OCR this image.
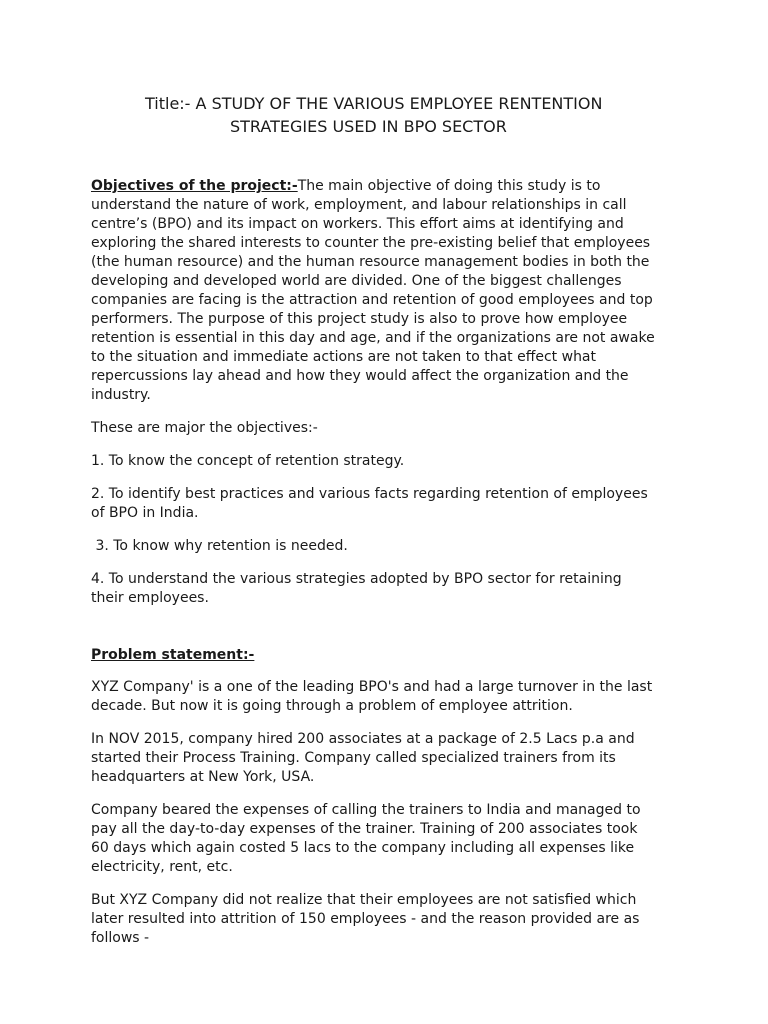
Title:- A STUDY OF THE VARIOUS EMPLOYEE RENTENTION
STRATEGIES USED IN BPO SECTOR

Objectives of the project:-The main objective of doing this study is to understand the nature of work, employment, and labour relationships in call centre’s (BPO) and its impact on workers. This effort aims at identifying and exploring the shared interests to counter the pre-existing belief that employees (the human resource) and the human resource management bodies in both the developing and developed world are divided. One of the biggest challenges companies are facing is the attraction and retention of good employees and top performers. The purpose of this project study is also to prove how employee retention is essential in this day and age, and if the organizations are not awake to the situation and immediate actions are not taken to that effect what repercussions lay ahead and how they would affect the organization and the industry.

These are major the objectives:-

1. To know the concept of retention strategy.

2. To identify best practices and various facts regarding retention of employees of BPO in India.

3. To know why retention is needed.

4. To understand the various strategies adopted by BPO sector for retaining their employees.

Problem statement:-

XYZ Company' is a one of the leading BPO's and had a large turnover in the last decade. But now it is going through a problem of employee attrition.

In NOV 2015, company hired 200 associates at a package of 2.5 Lacs p.a and started their Process Training. Company called specialized trainers from its headquarters at New York, USA.

Company beared the expenses of calling the trainers to India and managed to pay all the day-to-day expenses of the trainer. Training of 200 associates took 60 days which again costed 5 lacs to the company including all expenses like electricity, rent, etc.

But XYZ Company did not realize that their employees are not satisfied which later resulted into attrition of 150 employees - and the reason provided are as follows -
